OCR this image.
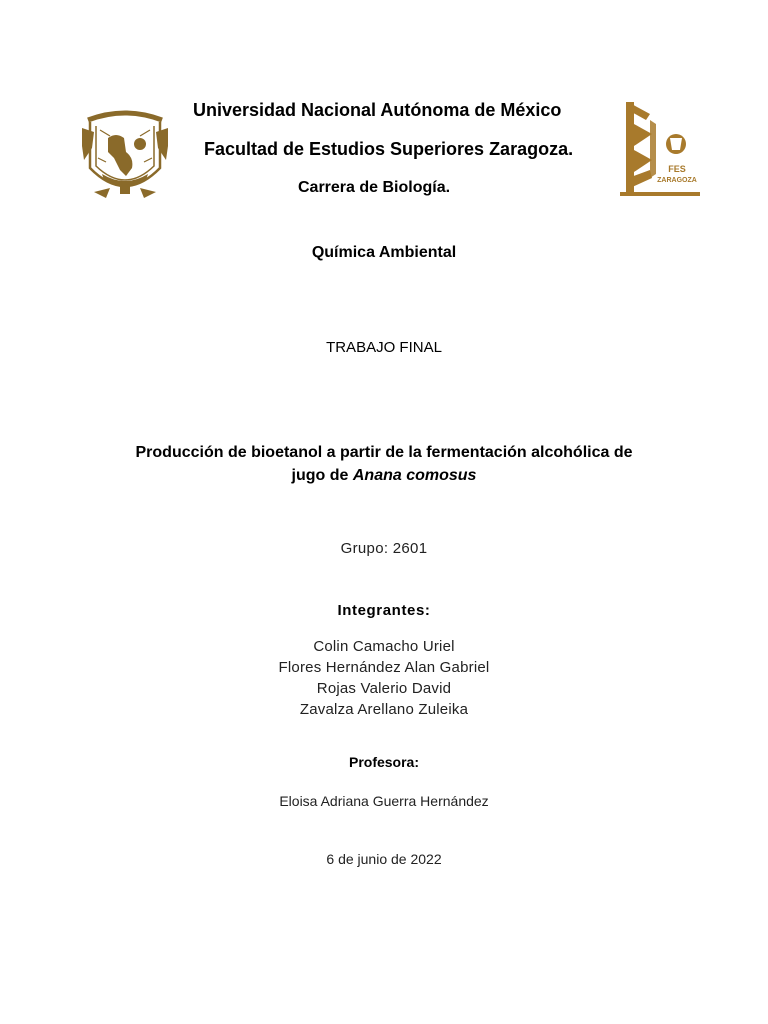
FES
ZARAGOZA
Universidad Nacional Autónoma de México
Facultad de Estudios Superiores Zaragoza.
Carrera de Biología.
Química Ambiental
TRABAJO FINAL
Producción de bioetanol a partir de la fermentación alcohólica de
jugo de Anana comosus
Grupo: 2601
Integrantes:
Colin Camacho Uriel
Flores Hernández Alan Gabriel
Rojas Valerio David
Zavalza Arellano Zuleika
Profesora:
Eloisa Adriana Guerra Hernández
6 de junio de 2022
